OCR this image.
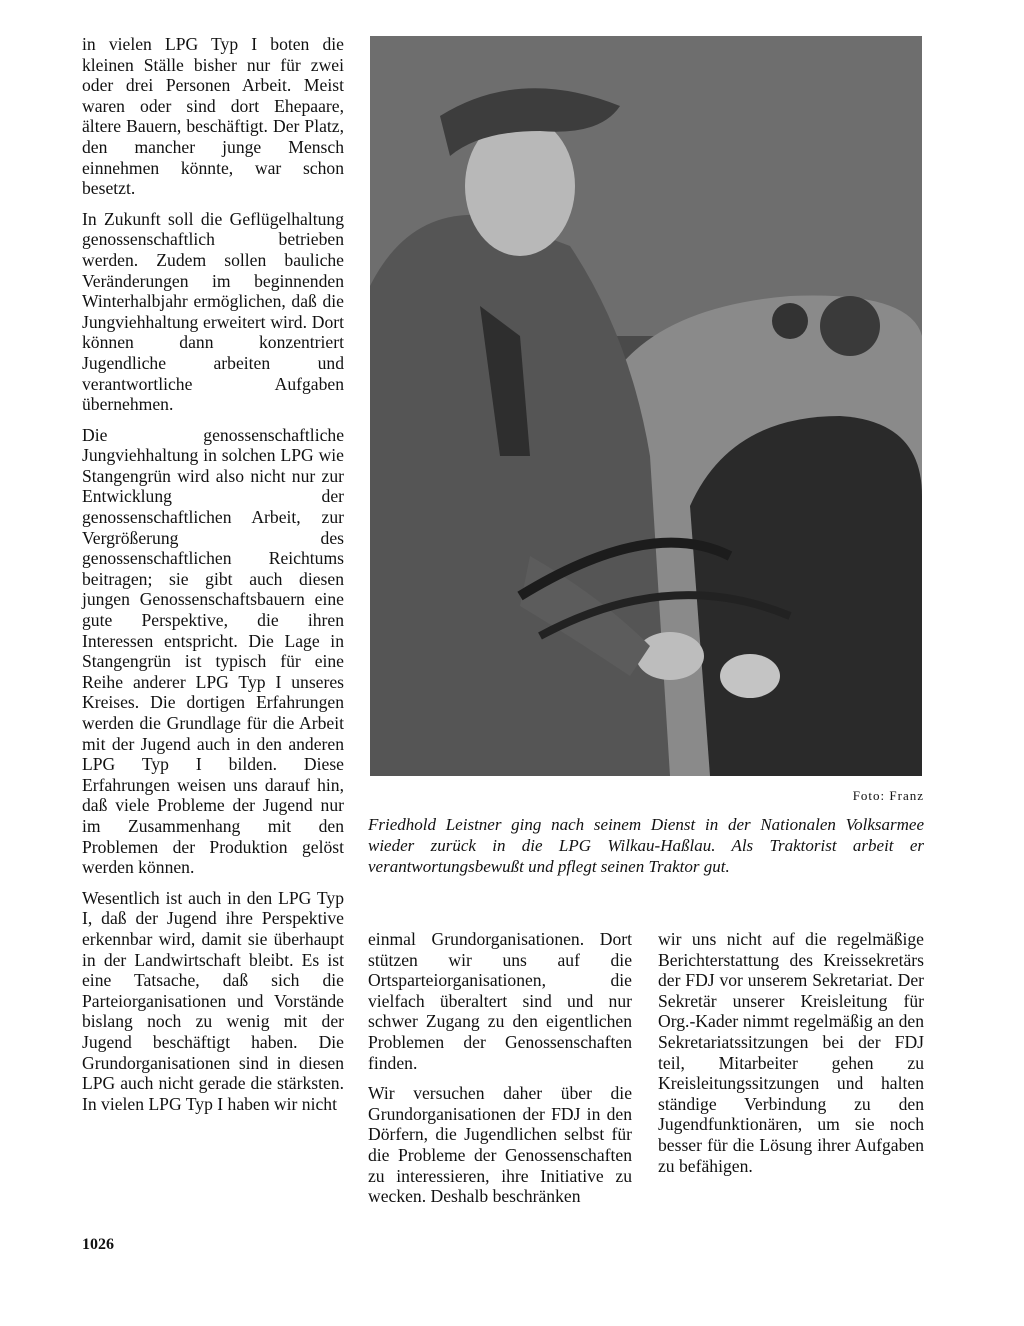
in vielen LPG Typ I boten die kleinen Ställe bisher nur für zwei oder drei Personen Arbeit. Meist waren oder sind dort Ehepaare, ältere Bauern, beschäftigt. Der Platz, den mancher junge Mensch einnehmen könnte, war schon besetzt.

In Zukunft soll die Geflügelhaltung genossenschaftlich betrieben werden. Zudem sollen bauliche Veränderungen im beginnenden Winterhalbjahr ermöglichen, daß die Jungviehhaltung erweitert wird. Dort können dann konzentriert Jugendliche arbeiten und verantwortliche Aufgaben übernehmen.

Die genossenschaftliche Jungviehhaltung in solchen LPG wie Stangengrün wird also nicht nur zur Entwicklung der genossenschaftlichen Arbeit, zur Vergrößerung des genossenschaftlichen Reichtums beitragen; sie gibt auch diesen jungen Genossenschaftsbauern eine gute Perspektive, die ihren Interessen entspricht. Die Lage in Stangengrün ist typisch für eine Reihe anderer LPG Typ I unseres Kreises. Die dortigen Erfahrungen werden die Grundlage für die Arbeit mit der Jugend auch in den anderen LPG Typ I bilden. Diese Erfahrungen weisen uns darauf hin, daß viele Probleme der Jugend nur im Zusammenhang mit den Problemen der Produktion gelöst werden können.

Wesentlich ist auch in den LPG Typ I, daß der Jugend ihre Perspektive erkennbar wird, damit sie überhaupt in der Landwirtschaft bleibt. Es ist eine Tatsache, daß sich die Parteiorganisationen und Vorstände bislang noch zu wenig mit der Jugend beschäftigt haben. Die Grundorganisationen sind in diesen LPG auch nicht gerade die stärksten. In vielen LPG Typ I haben wir nicht

Foto: Franz
Friedhold Leistner ging nach seinem Dienst in der Nationalen Volksarmee wieder zurück in die LPG Wilkau-Haßlau. Als Traktorist arbeit er verantwortungsbewußt und pflegt seinen Traktor gut.

einmal Grundorganisationen. Dort stützen wir uns auf die Ortsparteiorganisationen, die vielfach überaltert sind und nur schwer Zugang zu den eigentlichen Problemen der Genossenschaften finden.

Wir versuchen daher über die Grundorganisationen der FDJ in den Dörfern, die Jugendlichen selbst für die Probleme der Genossenschaften zu interessieren, ihre Initiative zu wecken. Deshalb beschränken

wir uns nicht auf die regelmäßige Berichterstattung des Kreissekretärs der FDJ vor unserem Sekretariat. Der Sekretär unserer Kreisleitung für Org.-Kader nimmt regelmäßig an den Sekretariatssitzungen bei der FDJ teil, Mitarbeiter gehen zu Kreisleitungssitzungen und halten ständige Verbindung zu den Jugendfunktionären, um sie noch besser für die Lösung ihrer Aufgaben zu befähigen.

1026
